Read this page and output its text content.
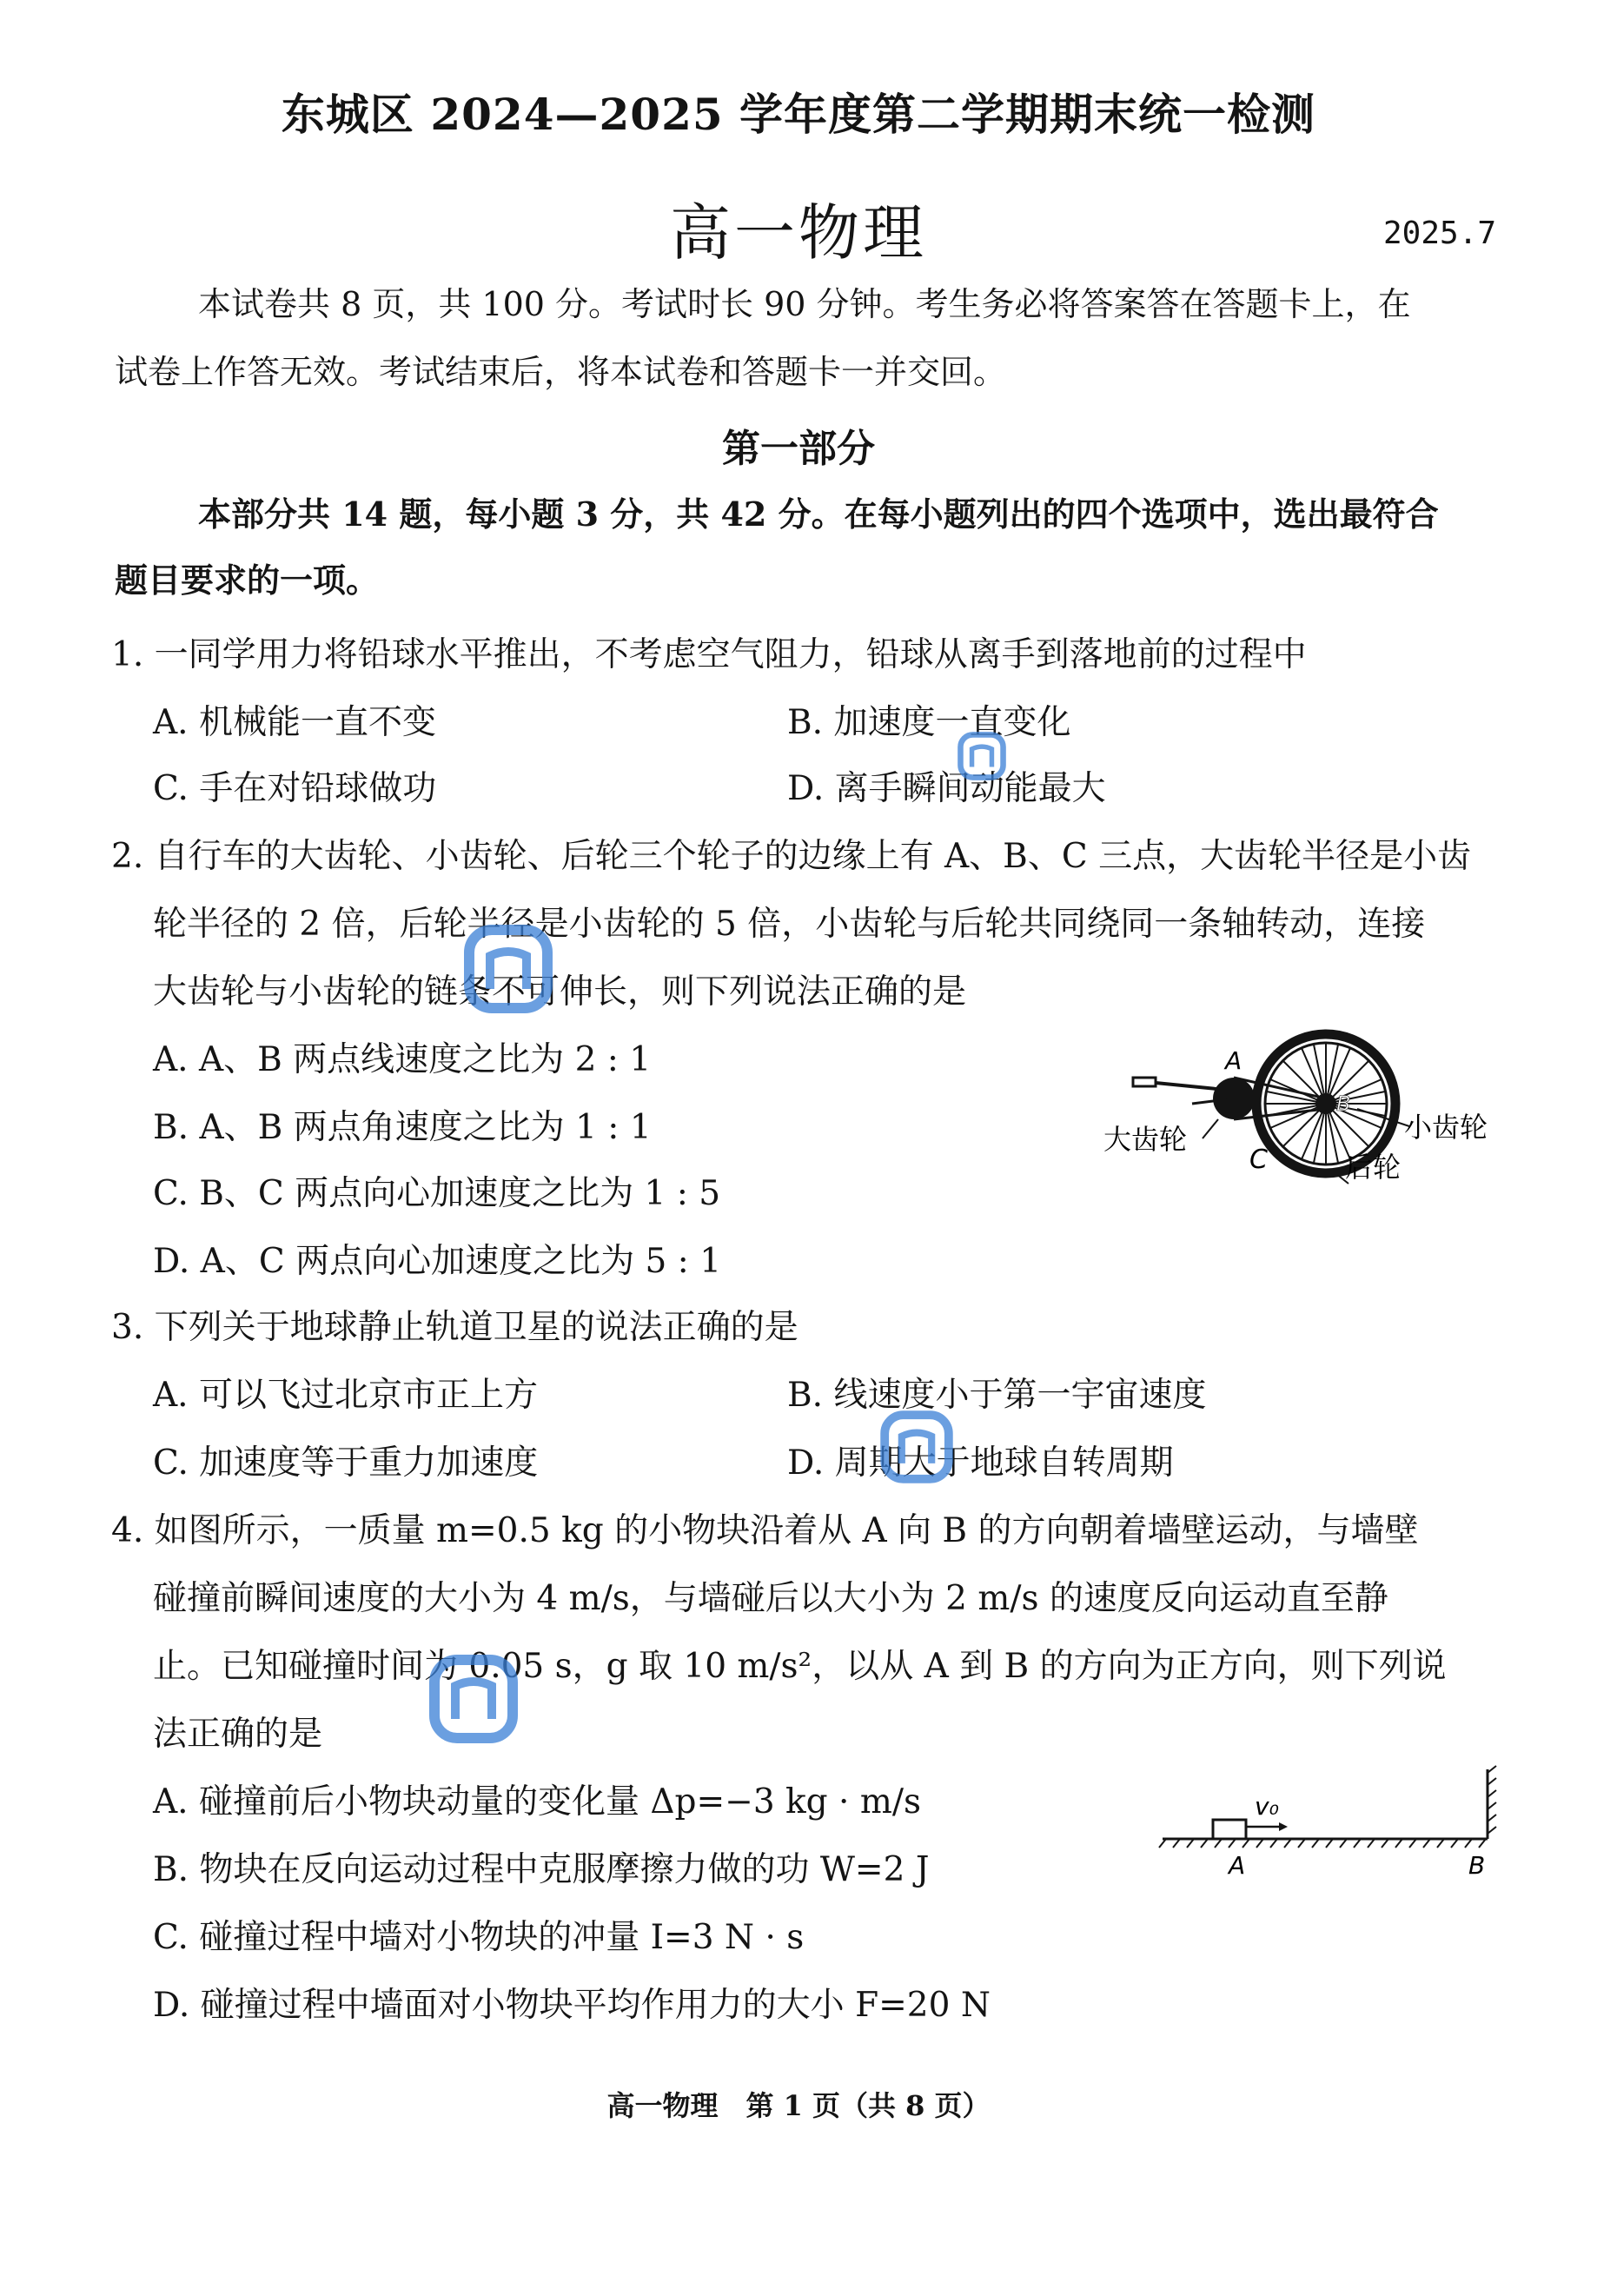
东城区 2024—2025 学年度第二学期期末统一检测
高一物理	2025.7
本试卷共 8 页，共 100 分。考试时长 90 分钟。考生务必将答案答在答题卡上，在
试卷上作答无效。考试结束后，将本试卷和答题卡一并交回。
第一部分
本部分共 14 题，每小题 3 分，共 42 分。在每小题列出的四个选项中，选出最符合
题目要求的一项。
1. 一同学用力将铅球水平推出，不考虑空气阻力，铅球从离手到落地前的过程中
A. 机械能一直不变	B. 加速度一直变化
C. 手在对铅球做功	D. 离手瞬间动能最大
2. 自行车的大齿轮、小齿轮、后轮三个轮子的边缘上有 A、B、C 三点，大齿轮半径是小齿
轮半径的 2 倍，后轮半径是小齿轮的 5 倍，小齿轮与后轮共同绕同一条轴转动，连接
大齿轮与小齿轮的链条不可伸长，则下列说法正确的是
A. A、B 两点线速度之比为 2 : 1
B. A、B 两点角速度之比为 1 : 1
C. B、C 两点向心加速度之比为 1 : 5
D. A、C 两点向心加速度之比为 5 : 1
A
B
C
大齿轮	小齿轮
后轮
3. 下列关于地球静止轨道卫星的说法正确的是
A. 可以飞过北京市正上方	B. 线速度小于第一宇宙速度
C. 加速度等于重力加速度	D. 周期大于地球自转周期
4. 如图所示，一质量 m=0.5 kg 的小物块沿着从 A 向 B 的方向朝着墙壁运动，与墙壁
碰撞前瞬间速度的大小为 4 m/s，与墙碰后以大小为 2 m/s 的速度反向运动直至静
止。已知碰撞时间为 0.05 s，g 取 10 m/s²，以从 A 到 B 的方向为正方向，则下列说
法正确的是
A. 碰撞前后小物块动量的变化量 Δp=−3 kg · m/s
B. 物块在反向运动过程中克服摩擦力做的功 W=2 J
C. 碰撞过程中墙对小物块的冲量 I=3 N · s
D. 碰撞过程中墙面对小物块平均作用力的大小 F=20 N
v₀
A	B
高一物理　第 1 页（共 8 页）
